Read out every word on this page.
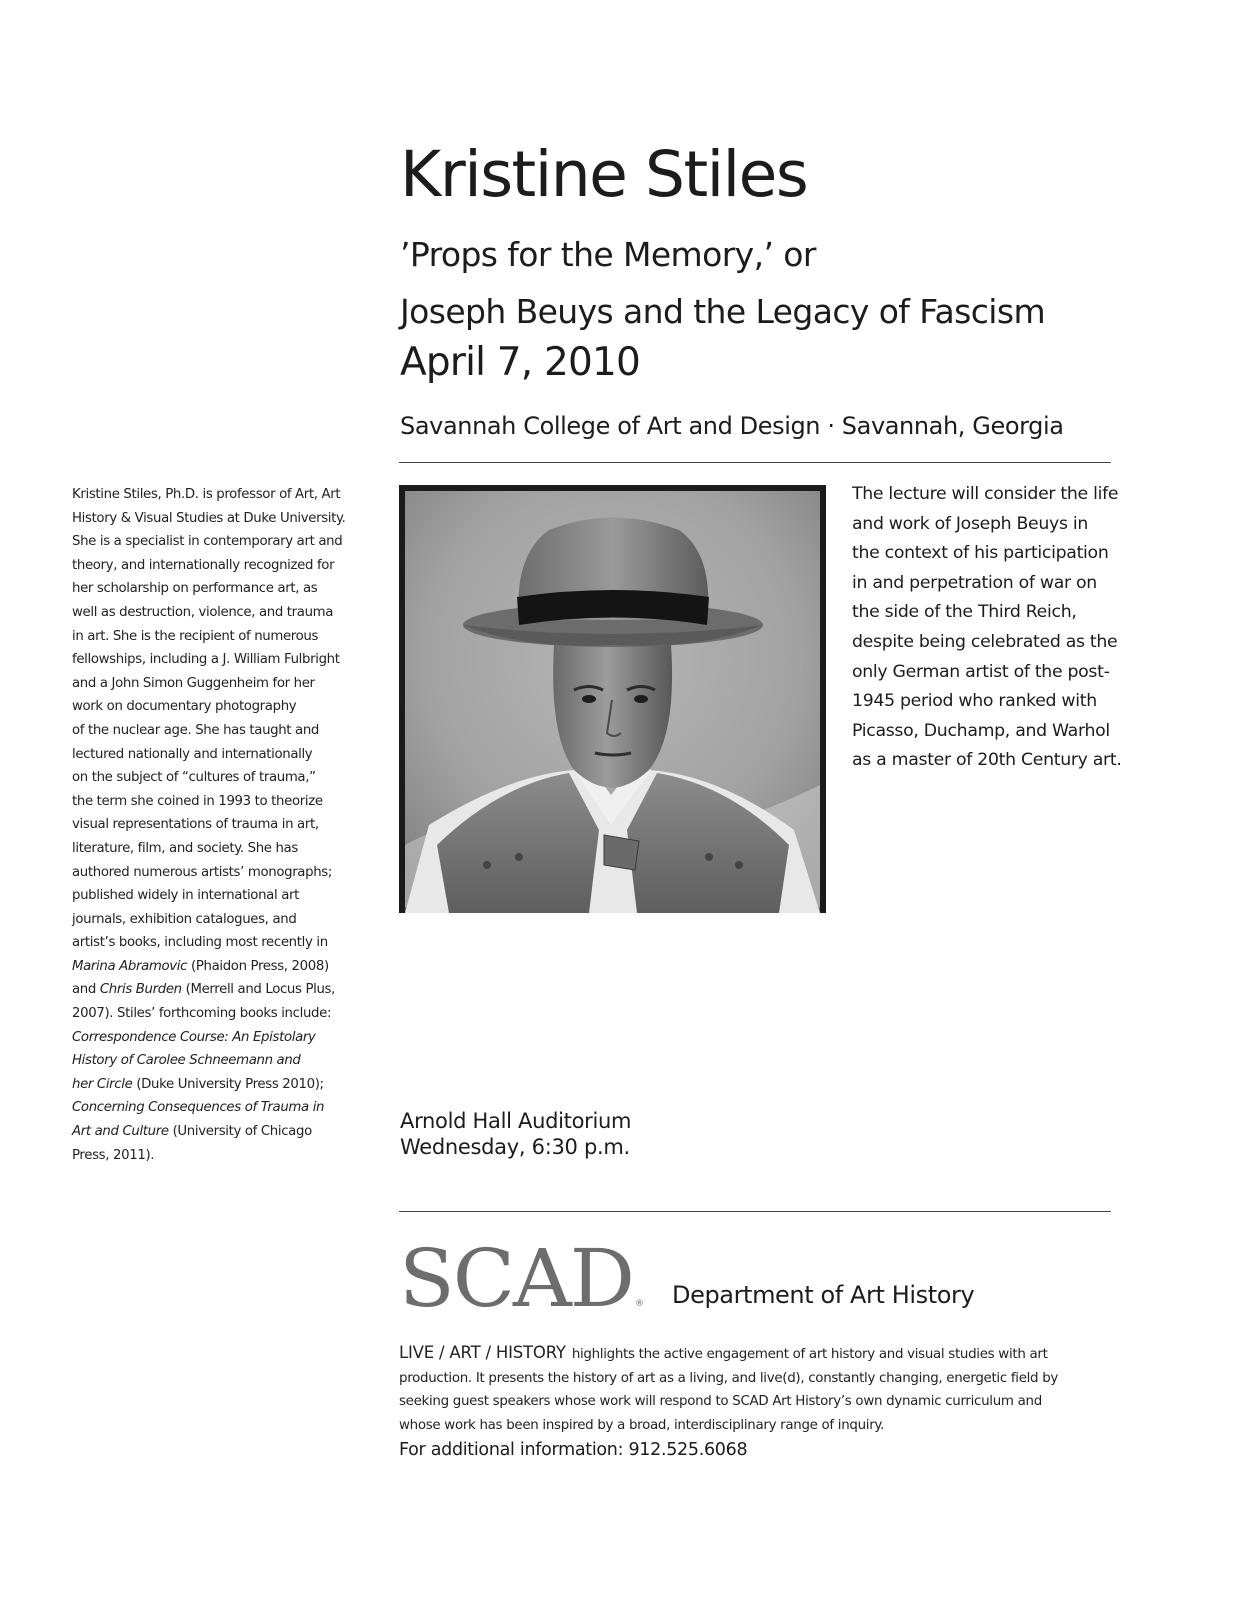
Kristine Stiles
’Props for the Memory,’ or
Joseph Beuys and the Legacy of Fascism
April 7, 2010
Savannah College of Art and Design · Savannah, Georgia
Kristine Stiles, Ph.D. is professor of Art, Art
History & Visual Studies at Duke University.
She is a specialist in contemporary art and
theory, and internationally recognized for
her scholarship on performance art, as
well as destruction, violence, and trauma
in art. She is the recipient of numerous
fellowships, including a J. William Fulbright
and a John Simon Guggenheim for her
work on documentary photography
of the nuclear age. She has taught and
lectured nationally and internationally
on the subject of “cultures of trauma,”
the term she coined in 1993 to theorize
visual representations of trauma in art,
literature, film, and society. She has
authored numerous artists’ monographs;
published widely in international art
journals, exhibition catalogues, and
artist’s books, including most recently in
Marina Abramovic (Phaidon Press, 2008)
and Chris Burden (Merrell and Locus Plus,
2007). Stiles’ forthcoming books include:
Correspondence Course: An Epistolary
History of Carolee Schneemann and
her Circle (Duke University Press 2010);
Concerning Consequences of Trauma in
Art and Culture (University of Chicago
Press, 2011).
The lecture will consider the life
and work of Joseph Beuys in
the context of his participation
in and perpetration of war on
the side of the Third Reich,
despite being celebrated as the
only German artist of the post-
1945 period who ranked with
Picasso, Duchamp, and Warhol
as a master of 20th Century art.
Arnold Hall Auditorium
Wednesday, 6:30 p.m.
SCAD ® Department of Art History
LIVE / ART / HISTORY highlights the active engagement of art history and visual studies with art
production. It presents the history of art as a living, and live(d), constantly changing, energetic field by
seeking guest speakers whose work will respond to SCAD Art History’s own dynamic curriculum and
whose work has been inspired by a broad, interdisciplinary range of inquiry.
For additional information: 912.525.6068
